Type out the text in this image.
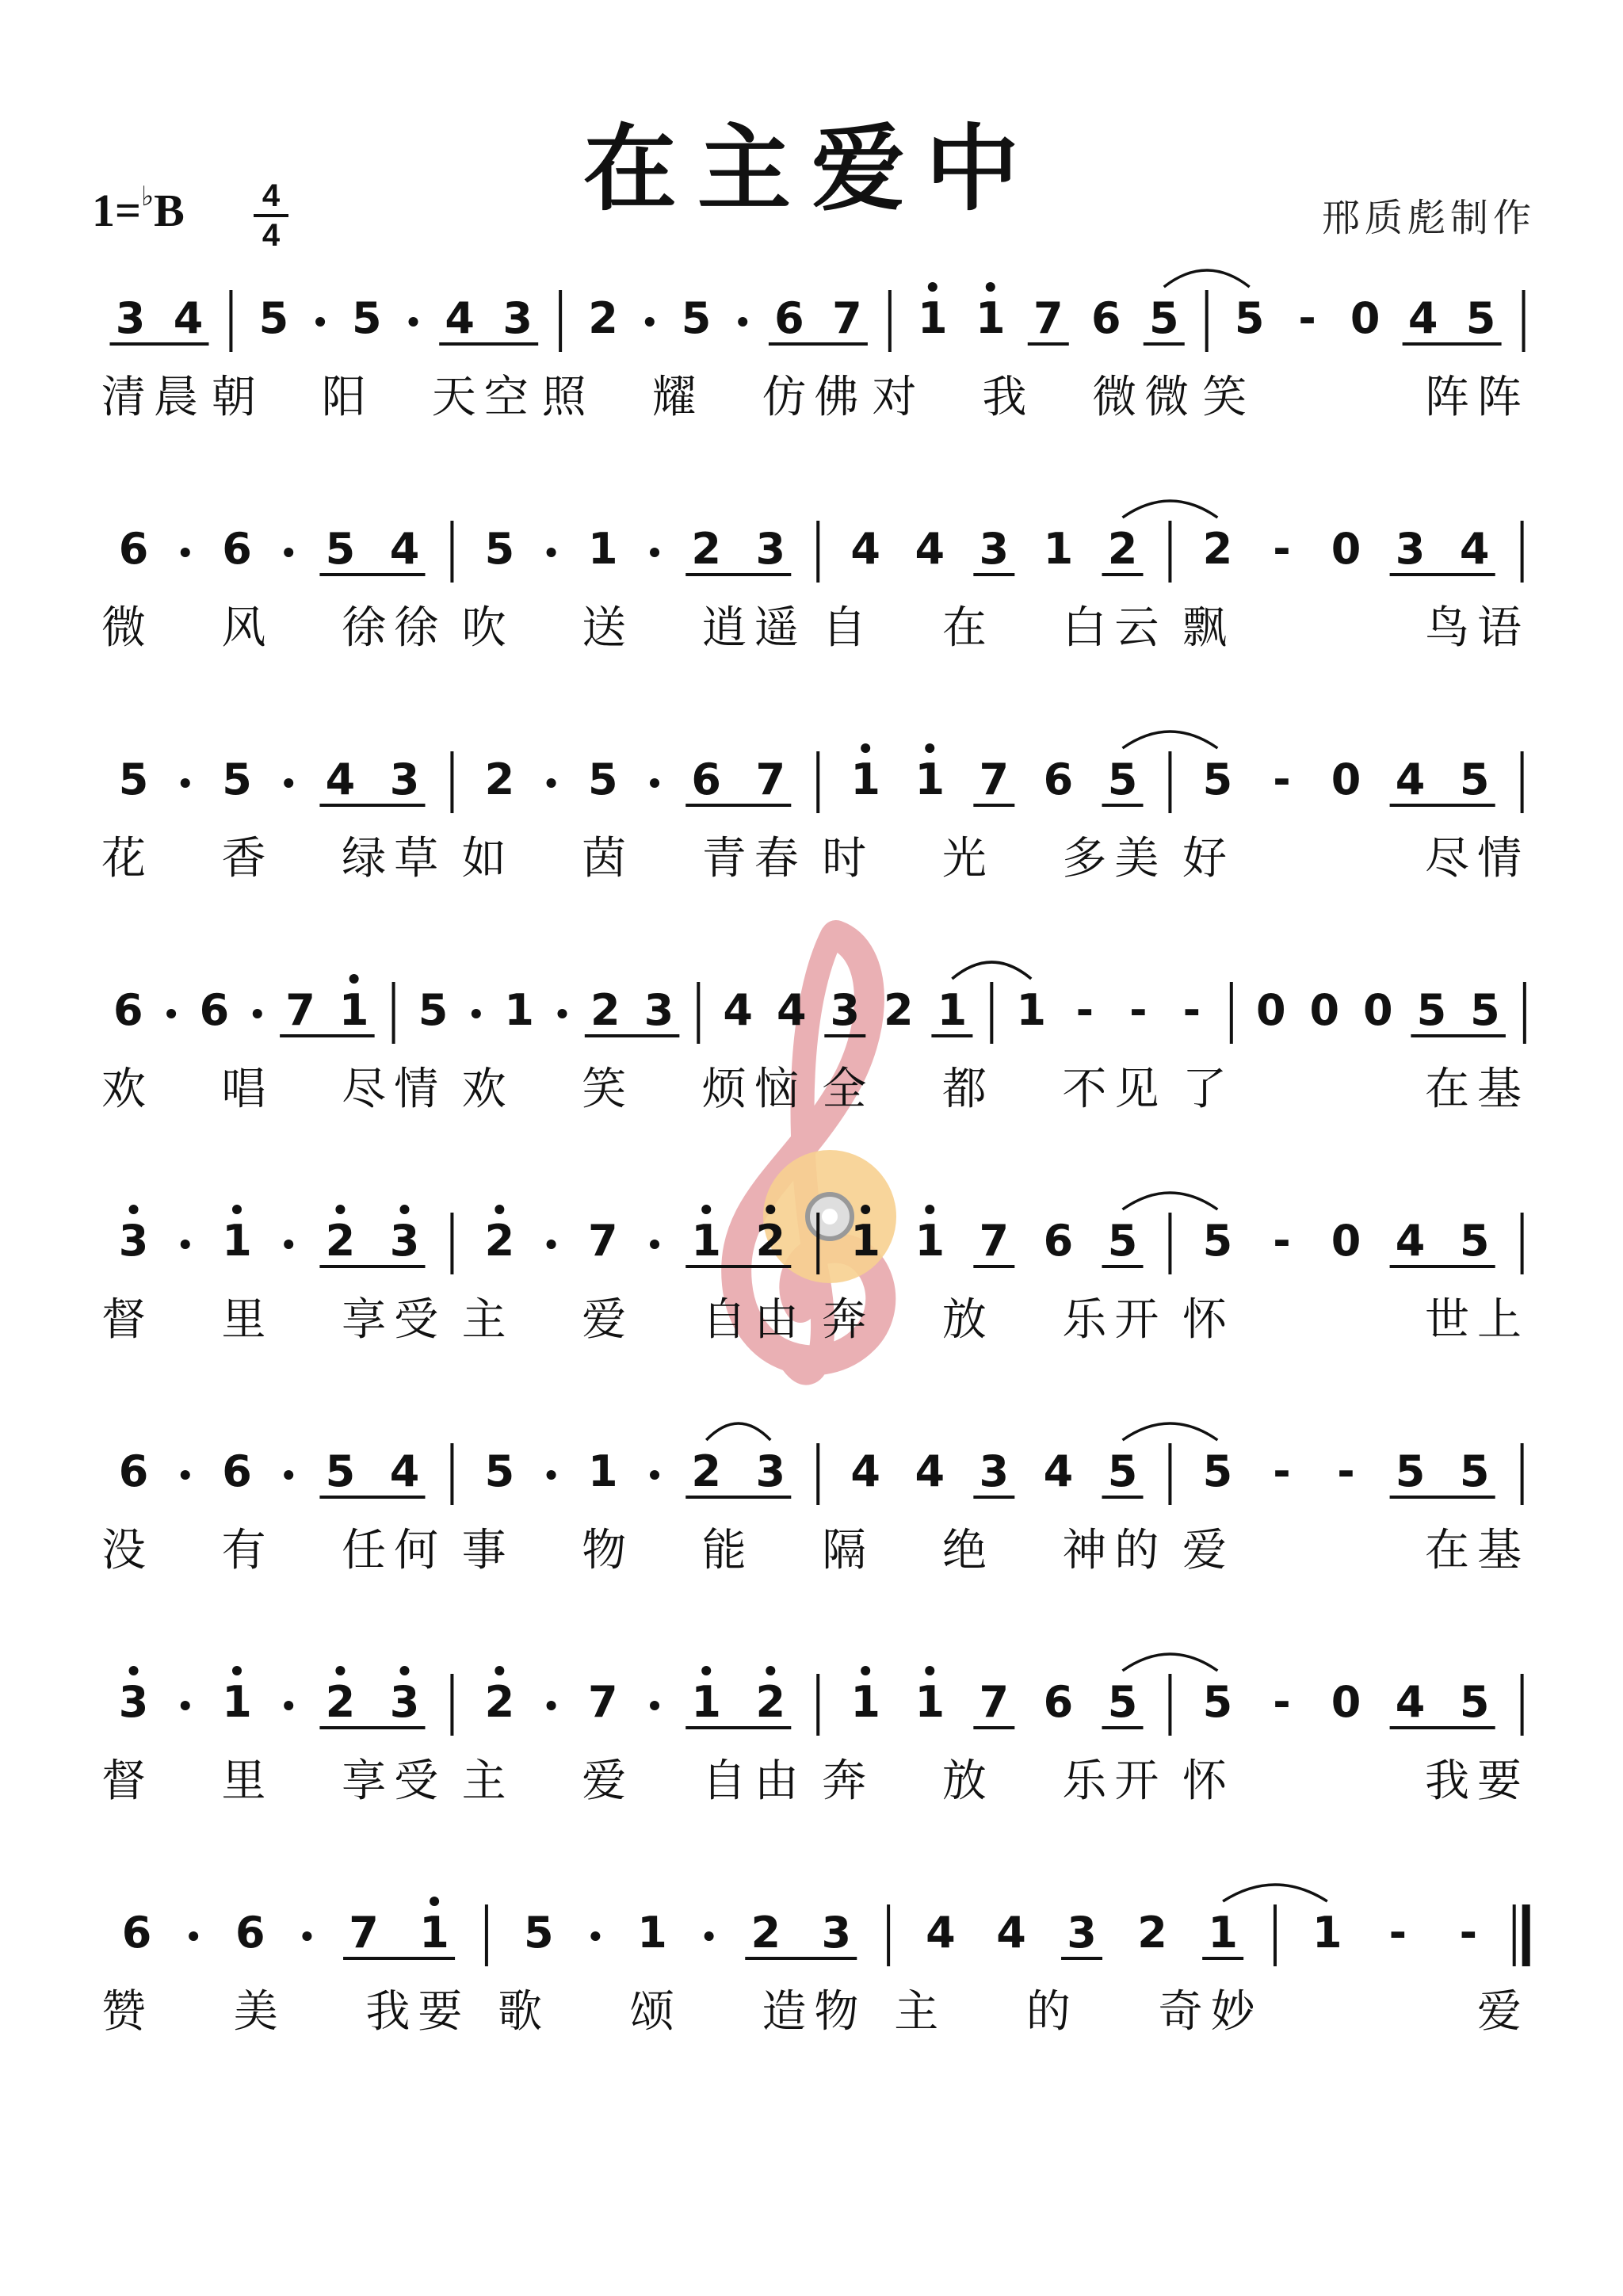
在主爱中
1=♭B 4
4	邢质彪制作
3 4 5 5 4 3 2 5 6 7 1 1 7 6 5 5 - 0 4 5
清晨 朝 阳 天空 照 耀 仿佛 对 我 微微 笑	阵阵
6 6 5 4 5 1 2 3 4 4 3 1 2 2 - 0 3 4
微 风 徐徐 吹 送 逍遥 自 在 白云 飘	鸟语
5 5 4 3 2 5 6 7 1 1 7 6 5 5 - 0 4 5
花 香 绿草 如 茵 青春 时 光 多美 好	尽情
6 6 7 1 5 1 2 3 4 4 3 2 1 1 - - - 0 0 0 5 5
欢 唱 尽情 欢 笑 烦恼 全 都 不见 了	在基
3 1 2 3 2 7 1 2 1 1 7 6 5 5 - 0 4 5
督 里 享受 主 爱 自由 奔 放 乐开 怀	世上
6 6 5 4 5 1 2 3 4 4 3 4 5 5 - - 5 5
没 有 任何 事 物 能 隔 绝 神的 爱	在基
3 1 2 3 2 7 1 2 1 1 7 6 5 5 - 0 4 5
督 里 享受 主 爱 自由 奔 放 乐开 怀	我要
6 6 7 1 5 1 2 3 4 4 3 2 1 1 - -
赞 美 我要 歌 颂 造物 主 的 奇妙	爱
